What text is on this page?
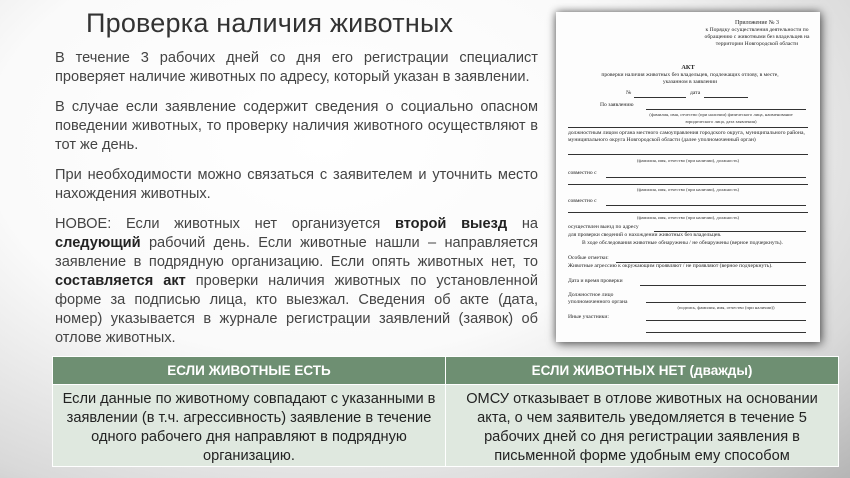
Проверка наличия животных

В течение 3 рабочих дней со дня его регистрации специалист проверяет наличие животных по адресу, который указан в заявлении.

В случае если заявление содержит сведения о социально опасном поведении животных, то проверку наличия животного осуществляют в тот же день.

При необходимости можно связаться с заявителем и уточнить место нахождения животных.

НОВОЕ: Если животных нет организуется второй выезд на следующий рабочий день. Если животные нашли – направляется заявление в подрядную организацию. Если опять животных нет, то составляется акт проверки наличия животных по установленной форме за подписью лица, кто выезжал. Сведения об акте (дата, номер) указывается в журнале регистрации заявлений (заявок) об отлове животных.

Приложение № 3
к Порядку осуществления деятельности по обращению с животными без владельцев на территории Новгородской области
АКТ
проверки наличия животных без владельцев, подлежащих отлову, в месте, указанном в заявлении
№	дата
По заявлению
(фамилия, имя, отчество (при наличии) физического лица, наименование юридического лица, дата заявления)
должностным лицом органа местного самоуправления городского округа, муниципального района, муниципального округа Новгородской области (далее уполномоченный орган)
(фамилия, имя, отчество (при наличии), должность)
совместно с
(фамилия, имя, отчество (при наличии), должность)
совместно с
(фамилия, имя, отчество (при наличии), должность)
осуществлен выезд по адресу
для проверки сведений о нахождении животных без владельцев.
В ходе обследования животные обнаружены / не обнаружены (верное подчеркнуть).
Особые отметки:
Животные агрессию к окружающим проявляют / не проявляют (верное подчеркнуть).
Дата и время проверки
Должностное лицо уполномоченного органа
(подпись, фамилия, имя, отчество (при наличии))
Иные участники:
ЕСЛИ ЖИВОТНЫЕ ЕСТЬ	ЕСЛИ ЖИВОТНЫХ НЕТ (дважды)
Если данные по животному совпадают с указанными в заявлении (в т.ч. агрессивность) заявление в течение одного рабочего дня направляют в подрядную организацию.	ОМСУ отказывает в отлове животных на основании акта, о чем заявитель уведомляется в течение 5 рабочих дней со дня регистрации заявления в письменной форме удобным ему способом
